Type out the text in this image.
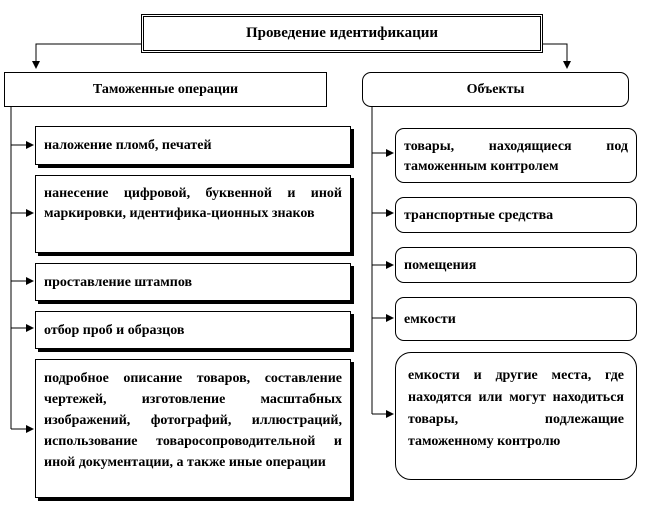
Проведение идентификации
Таможенные операции	Объекты
наложение пломб, печатей
нанесение цифровой, буквенной и иной маркировки, идентифика-ционных знаков
проставление штампов
отбор проб и образцов
подробное описание товаров, составление чертежей, изготовление масштабных изображений, фотографий, иллюстраций, использование товаросопроводительной и иной документации, а также иные операции
товары, находящиеся под таможенным контролем
транспортные средства
помещения
емкости
емкости и другие места, где находятся или могут находиться товары, подлежащие таможенному контролю
